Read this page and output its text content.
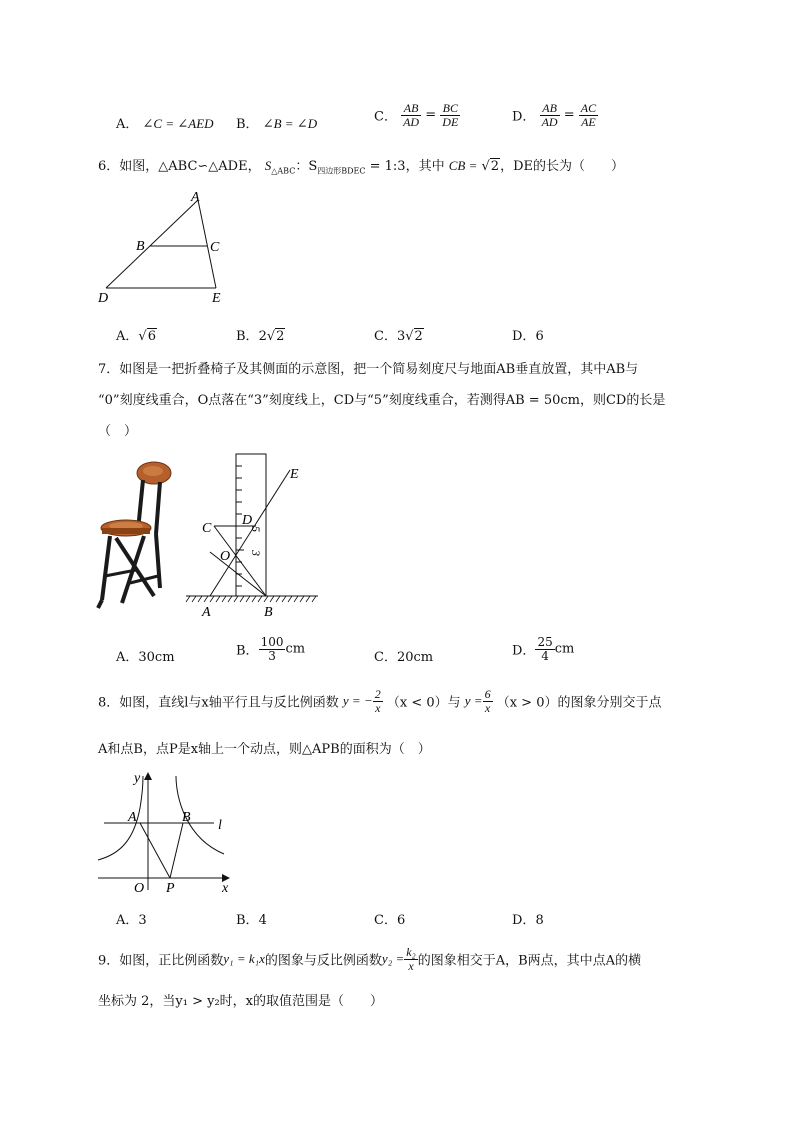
A． ∠C = ∠AED B． ∠B = ∠D	C． $\frac{AB}{AD} = \frac{BC}{DE}$	D． $\frac{AB}{AD} = \frac{AC}{AE}$
6．如图，△ABC∽△ADE， $S_{\triangle ABC}$：$S_{四边形BDEC}$ = 1:3，其中 CB = √2，DE的长为（　　）
A
B	C
D	E
A．√6	B．2√2	C．3√2	D．6
7．如图是一把折叠椅子及其侧面的示意图，把一个简易刻度尺与地面AB垂直放置，其中AB与
“0”刻度线重合，O点落在“3”刻度线上，CD与“5”刻度线重合，若测得AB = 50cm，则CD的长是
（　）
5
3
E
C
D
O
A	B
A．30cm	B． $\frac{100}{3}$ cm
C．20cm	D． $\frac{25}{4}$ cm
8．如图，直线l与x轴平行且与反比例函数 y = − $\frac{2}{x} (x < 0)$与 $y = \frac{6}{x} (x > 0)$的图象分别交于点
A和点B，点P是x轴上一个动点，则△APB的面积为（　）
y
A	B
l
O P	x
A．3	B．4	C．6	D．8
9．如图，正比例函数y₁ = k₁x的图象与反比例函数$y_2 = \frac{\text{k₂}}{x}$ 的图象相交于A，B两点，其中点A的横
坐标为 2，当y₁ > y₂时，x的取值范围是（　　）
